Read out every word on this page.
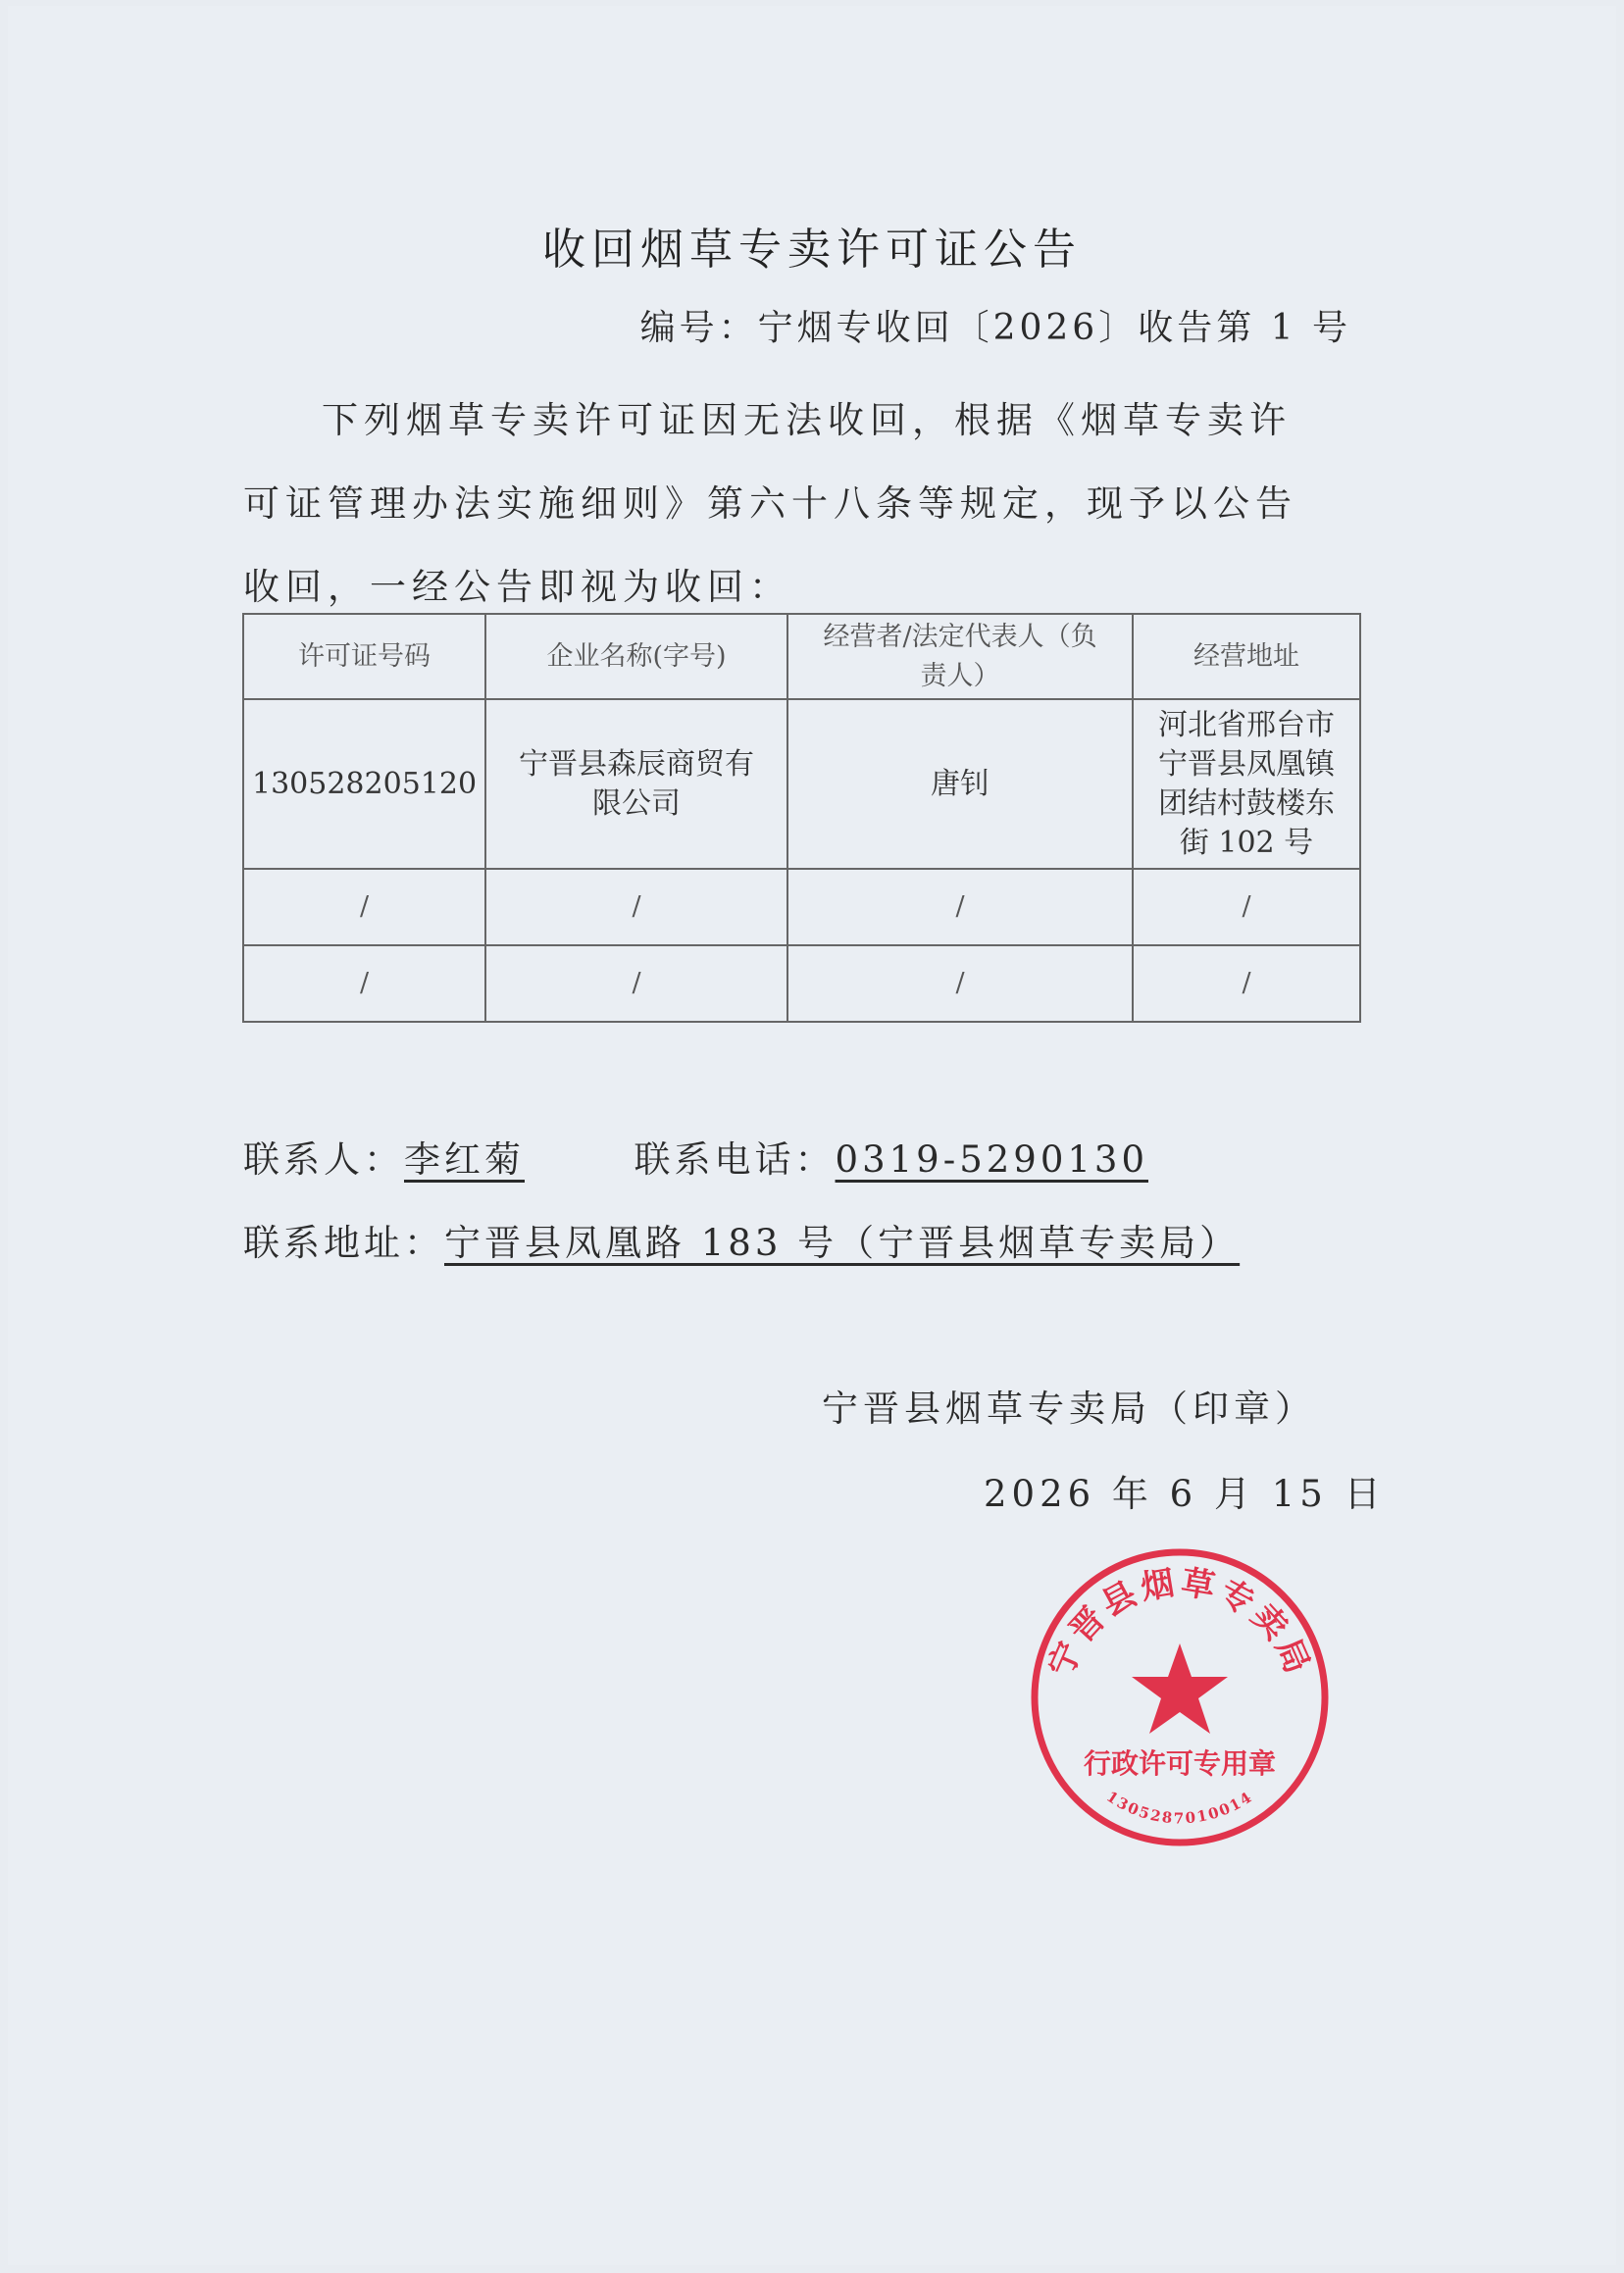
收回烟草专卖许可证公告
编号：宁烟专收回〔2026〕收告第 1 号
下列烟草专卖许可证因无法收回，根据《烟草专卖许可证管理办法实施细则》第六十八条等规定，现予以公告收回，一经公告即视为收回：
许可证号码	企业名称(字号)	经营者/法定代表人（负责人）	经营地址
130528205120	宁晋县森辰商贸有限公司	唐钊	河北省邢台市宁晋县凤凰镇团结村鼓楼东街 102 号
/	/	/	/
/	/	/	/
联系人：李红菊	联系电话：0319-5290130
联系地址：宁晋县凤凰路 183 号（宁晋县烟草专卖局）
宁晋县烟草专卖局（印章）
2026 年 6 月 15 日
宁晋县烟草专卖局
行政许可专用章
1305287010014
